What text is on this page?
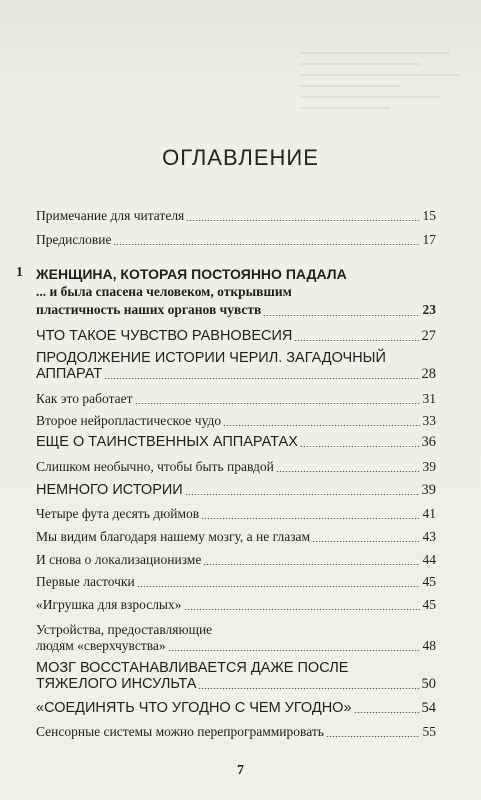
ОГЛАВЛЕНИЕ
Примечание для читателя	15
Предисловие	17
1 ЖЕНЩИНА, КОТОРАЯ ПОСТОЯННО ПАДАЛА
... и была спасена человеком, открывшим
пластичность наших органов чувств	23
ЧТО ТАКОЕ ЧУВСТВО РАВНОВЕСИЯ	27
ПРОДОЛЖЕНИЕ ИСТОРИИ ЧЕРИЛ. ЗАГАДОЧНЫЙ
АППАРАТ	28
Как это работает	31
Второе нейропластическое чудо	33
ЕЩЕ О ТАИНСТВЕННЫХ АППАРАТАХ	36
Слишком необычно, чтобы быть правдой	39
НЕМНОГО ИСТОРИИ	39
Четыре фута десять дюймов	41
Мы видим благодаря нашему мозгу, а не глазам	43
И снова о локализационизме	44
Первые ласточки	45
«Игрушка для взрослых»	45
Устройства, предоставляющие
людям «сверхчувства»	48
МОЗГ ВОССТАНАВЛИВАЕТСЯ ДАЖЕ ПОСЛЕ
ТЯЖЕЛОГО ИНСУЛЬТА	50
«СОЕДИНЯТЬ ЧТО УГОДНО С ЧЕМ УГОДНО»	54
Сенсорные системы можно перепрограммировать	55
7
